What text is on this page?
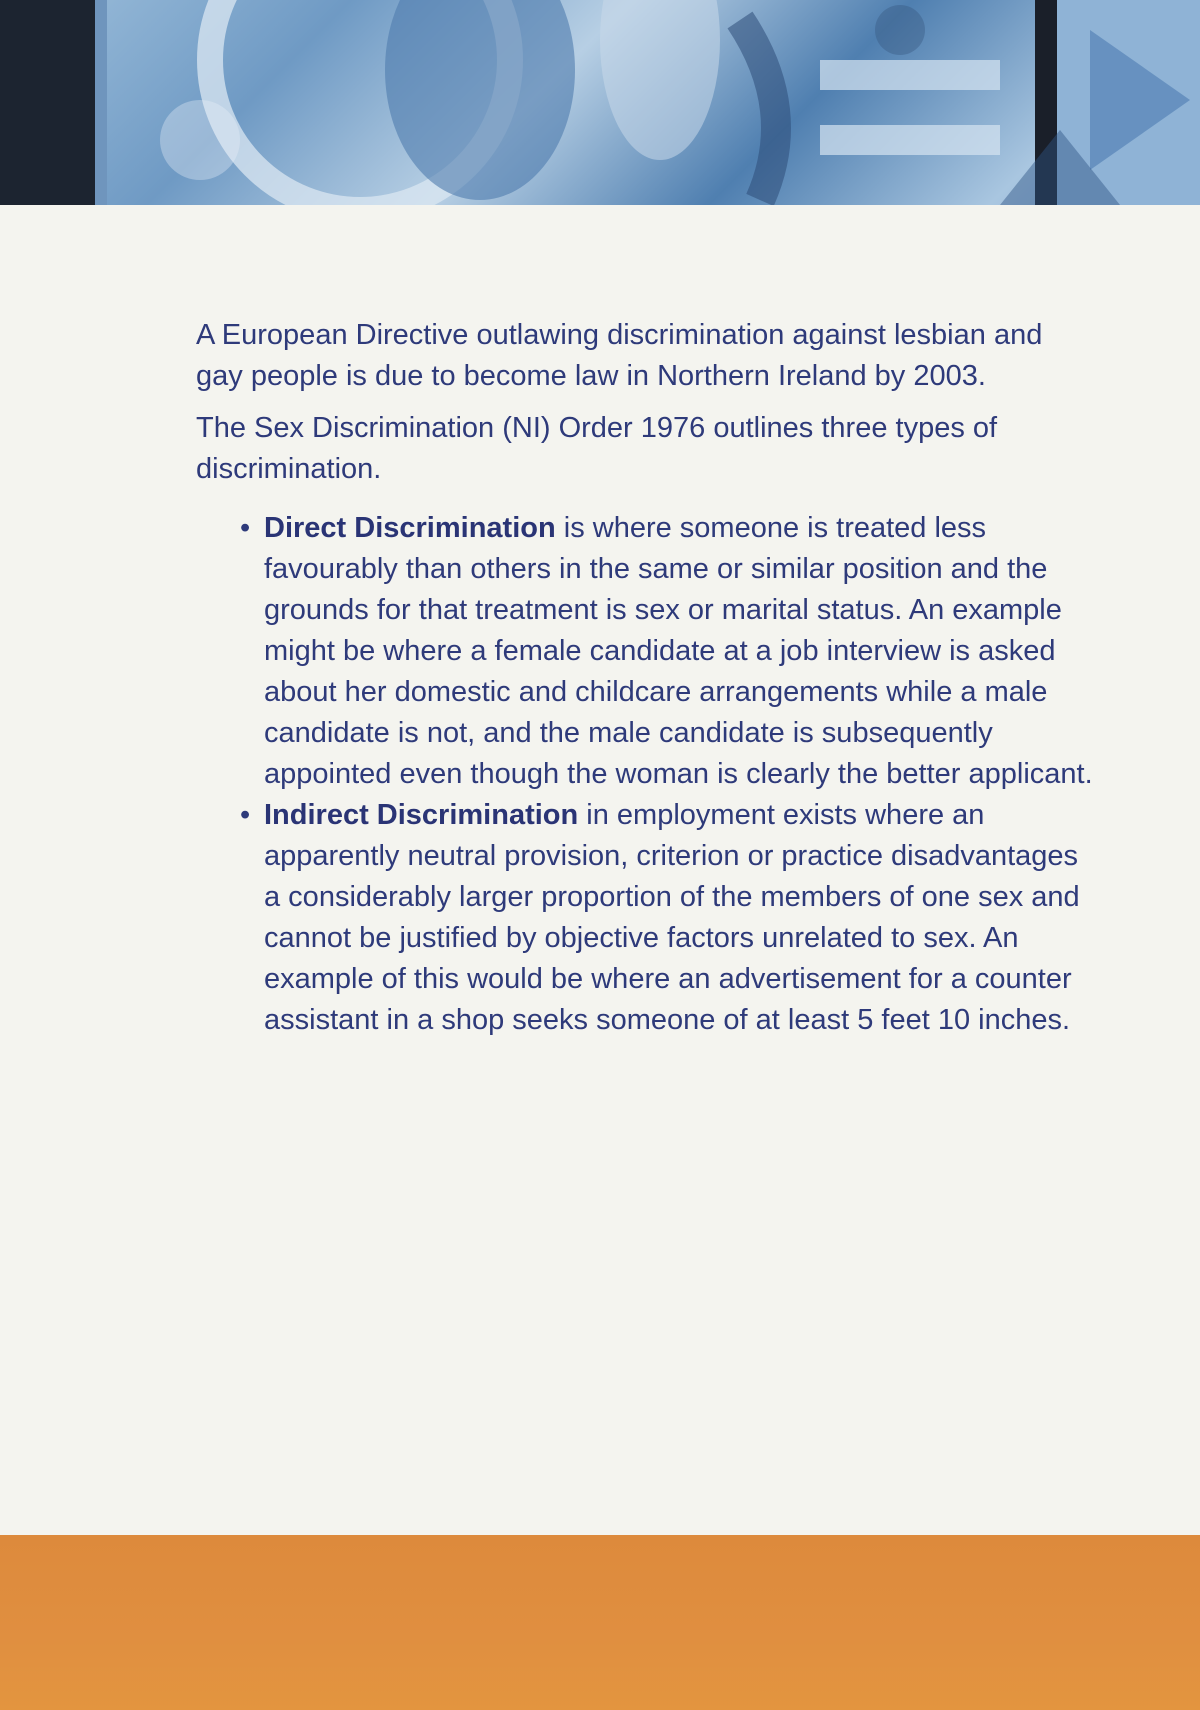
A European Directive outlawing discrimination against lesbian and gay people is due to become law in Northern Ireland by 2003.

The Sex Discrimination (NI) Order 1976 outlines three types of discrimination.

• Direct Discrimination is where someone is treated less favourably than others in the same or similar position and the grounds for that treatment is sex or marital status. An example might be where a female candidate at a job interview is asked about her domestic and childcare arrangements while a male candidate is not, and the male candidate is subsequently appointed even though the woman is clearly the better applicant.
• Indirect Discrimination in employment exists where an apparently neutral provision, criterion or practice disadvantages a considerably larger proportion of the members of one sex and cannot be justified by objective factors unrelated to sex. An example of this would be where an advertisement for a counter assistant in a shop seeks someone of at least 5 feet 10 inches.
